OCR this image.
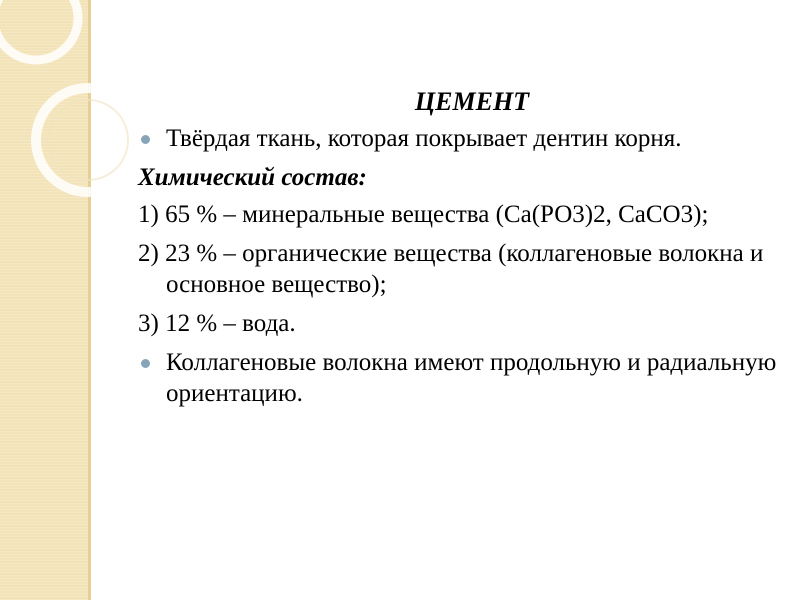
ЦЕМЕНТ
Твёрдая ткань, которая покрывает дентин корня.
Химический состав:
1) 65 % – минеральные вещества (Са(РО3)2, СаСО3);
2) 23 % – органические вещества (коллагеновые волокна и основное вещество);
3) 12 % – вода.
Коллагеновые волокна имеют продольную и радиальную ориентацию.
